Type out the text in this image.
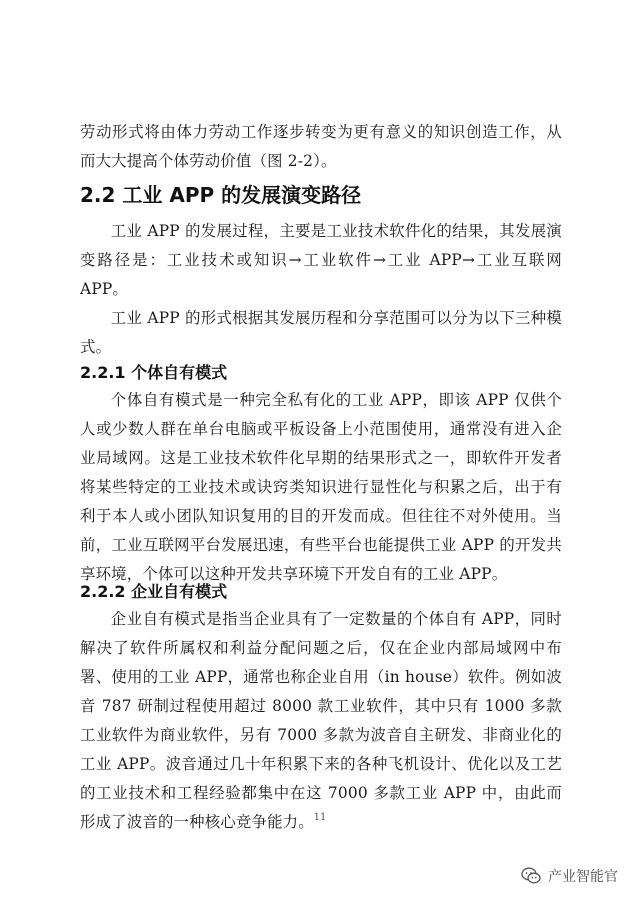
劳动形式将由体力劳动工作逐步转变为更有意义的知识创造工作，从而大大提高个体劳动价值（图 2-2）。

2.2 工业 APP 的发展演变路径

工业 APP 的发展过程，主要是工业技术软件化的结果，其发展演变路径是：工业技术或知识→工业软件→工业 APP→工业互联网 APP。

工业 APP 的形式根据其发展历程和分享范围可以分为以下三种模式。

2.2.1 个体自有模式

个体自有模式是一种完全私有化的工业 APP，即该 APP 仅供个人或少数人群在单台电脑或平板设备上小范围使用，通常没有进入企业局域网。这是工业技术软件化早期的结果形式之一，即软件开发者将某些特定的工业技术或诀窍类知识进行显性化与积累之后，出于有利于本人或小团队知识复用的目的开发而成。但往往不对外使用。当前，工业互联网平台发展迅速，有些平台也能提供工业 APP 的开发共享环境，个体可以这种开发共享环境下开发自有的工业 APP。

2.2.2 企业自有模式

企业自有模式是指当企业具有了一定数量的个体自有 APP，同时解决了软件所属权和利益分配问题之后，仅在企业内部局域网中布署、使用的工业 APP，通常也称企业自用（in house）软件。例如波音 787 研制过程使用超过 8000 款工业软件，其中只有 1000 多款工业软件为商业软件，另有 7000 多款为波音自主研发、非商业化的工业 APP。波音通过几十年积累下来的各种飞机设计、优化以及工艺的工业技术和工程经验都集中在这 7000 多款工业 APP 中，由此而形成了波音的一种核心竞争能力。 11
产业智能官
